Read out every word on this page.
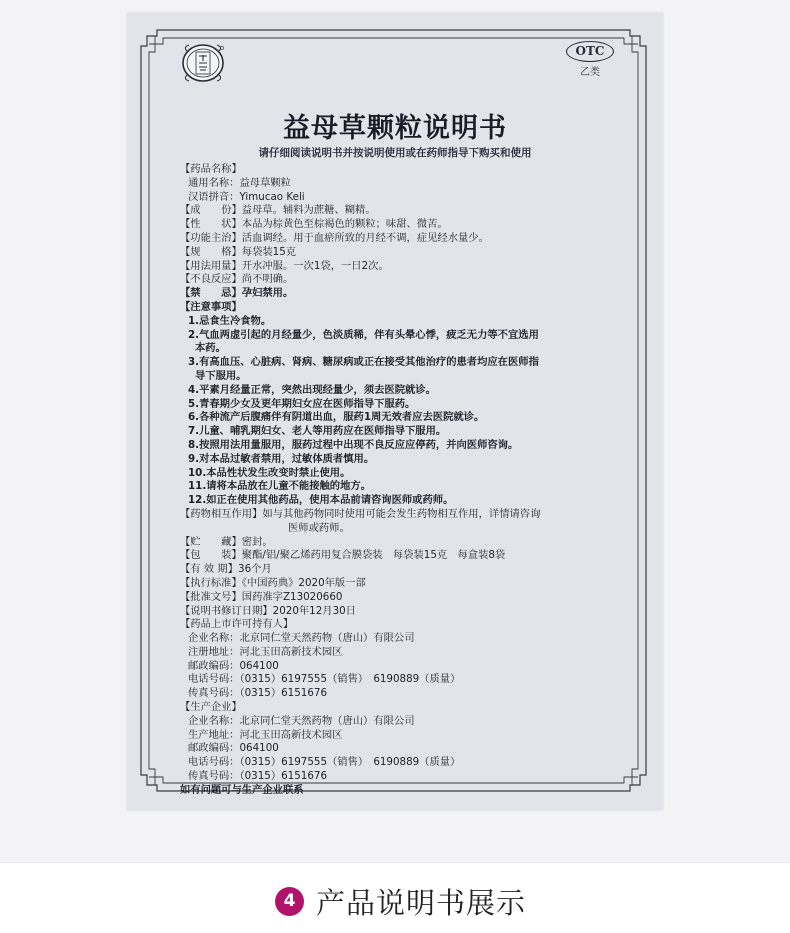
OTC
乙类
益母草颗粒说明书
请仔细阅读说明书并按说明使用或在药师指导下购买和使用
【药品名称】
通用名称：益母草颗粒
汉语拼音：Yimucao Keli
【成　　份】益母草。辅料为蔗糖、糊精。
【性　　状】本品为棕黄色至棕褐色的颗粒；味甜、微苦。
【功能主治】活血调经。用于血瘀所致的月经不调，症见经水量少。
【规　　格】每袋装15克
【用法用量】开水冲服。一次1袋，一日2次。
【不良反应】尚不明确。
【禁　　忌】孕妇禁用。
【注意事项】
1.忌食生冷食物。
2.气血两虚引起的月经量少，色淡质稀，伴有头晕心悸，疲乏无力等不宜选用
本药。
3.有高血压、心脏病、肾病、糖尿病或正在接受其他治疗的患者均应在医师指
导下服用。
4.平素月经量正常，突然出现经量少，须去医院就诊。
5.青春期少女及更年期妇女应在医师指导下服药。
6.各种流产后腹痛伴有阴道出血，服药1周无效者应去医院就诊。
7.儿童、哺乳期妇女、老人等用药应在医师指导下服用。
8.按照用法用量服用，服药过程中出现不良反应应停药，并向医师咨询。
9.对本品过敏者禁用，过敏体质者慎用。
10.本品性状发生改变时禁止使用。
11.请将本品放在儿童不能接触的地方。
12.如正在使用其他药品，使用本品前请咨询医师或药师。
【药物相互作用】如与其他药物同时使用可能会发生药物相互作用，详情请咨询
医师或药师。
【贮　　藏】密封。
【包　　装】聚酯/铝/聚乙烯药用复合膜袋装　每袋装15克　每盒装8袋
【有 效 期】36个月
【执行标准】《中国药典》2020年版一部
【批准文号】国药准字Z13020660
【说明书修订日期】2020年12月30日
【药品上市许可持有人】
企业名称：北京同仁堂天然药物（唐山）有限公司
注册地址：河北玉田高新技术园区
邮政编码：064100
电话号码：（0315）6197555（销售）　6190889（质量）
传真号码：（0315）6151676
【生产企业】
企业名称：北京同仁堂天然药物（唐山）有限公司
生产地址：河北玉田高新技术园区
邮政编码：064100
电话号码：（0315）6197555（销售）　6190889（质量）
传真号码：（0315）6151676
如有问题可与生产企业联系
4 产品说明书展示
